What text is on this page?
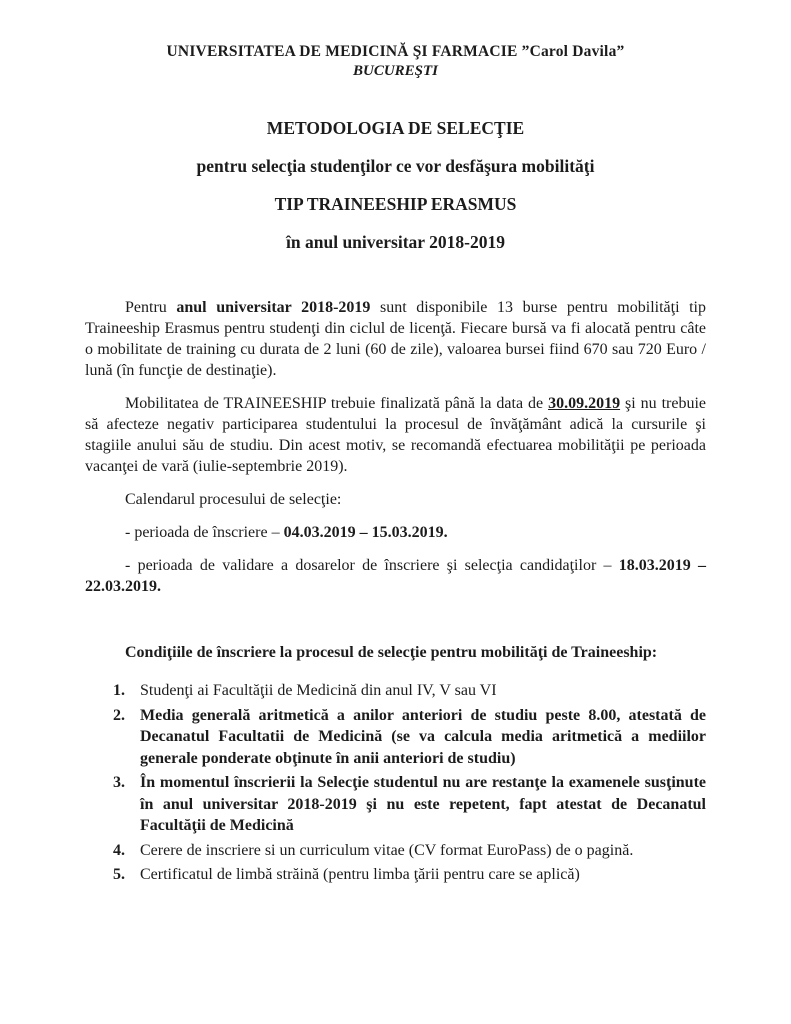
UNIVERSITATEA DE MEDICINĂ ŞI FARMACIE ”Carol Davila”
BUCUREŞTI
METODOLOGIA DE SELECŢIE
pentru selecţia studenţilor ce vor desfăşura mobilităţi
TIP TRAINEESHIP ERASMUS
în anul universitar 2018-2019

Pentru anul universitar 2018-2019 sunt disponibile 13 burse pentru mobilităţi tip Traineeship Erasmus pentru studenţi din ciclul de licenţă. Fiecare bursă va fi alocată pentru câte o mobilitate de training cu durata de 2 luni (60 de zile), valoarea bursei fiind 670 sau 720 Euro / lună (în funcţie de destinaţie).

Mobilitatea de TRAINEESHIP trebuie finalizată până la data de 30.09.2019 şi nu trebuie să afecteze negativ participarea studentului la procesul de învăţământ adică la cursurile şi stagiile anului său de studiu. Din acest motiv, se recomandă efectuarea mobilităţii pe perioada vacanţei de vară (iulie-septembrie 2019).

Calendarul procesului de selecţie:

- perioada de înscriere – 04.03.2019 – 15.03.2019.

- perioada de validare a dosarelor de înscriere şi selecţia candidaţilor – 18.03.2019 – 22.03.2019.

Condiţiile de înscriere la procesul de selecţie pentru mobilităţi de Traineeship:

1. Studenţi ai Facultăţii de Medicină din anul IV, V sau VI
2. Media generală aritmetică a anilor anteriori de studiu peste 8.00, atestată de Decanatul Facultatii de Medicină (se va calcula media aritmetică a mediilor generale ponderate obţinute în anii anteriori de studiu)
3. În momentul înscrierii la Selecţie studentul nu are restanţe la examenele susţinute în anul universitar 2018-2019 şi nu este repetent, fapt atestat de Decanatul Facultăţii de Medicină
4. Cerere de inscriere si un curriculum vitae (CV format EuroPass) de o pagină.
5. Certificatul de limbă străină (pentru limba ţării pentru care se aplică)
